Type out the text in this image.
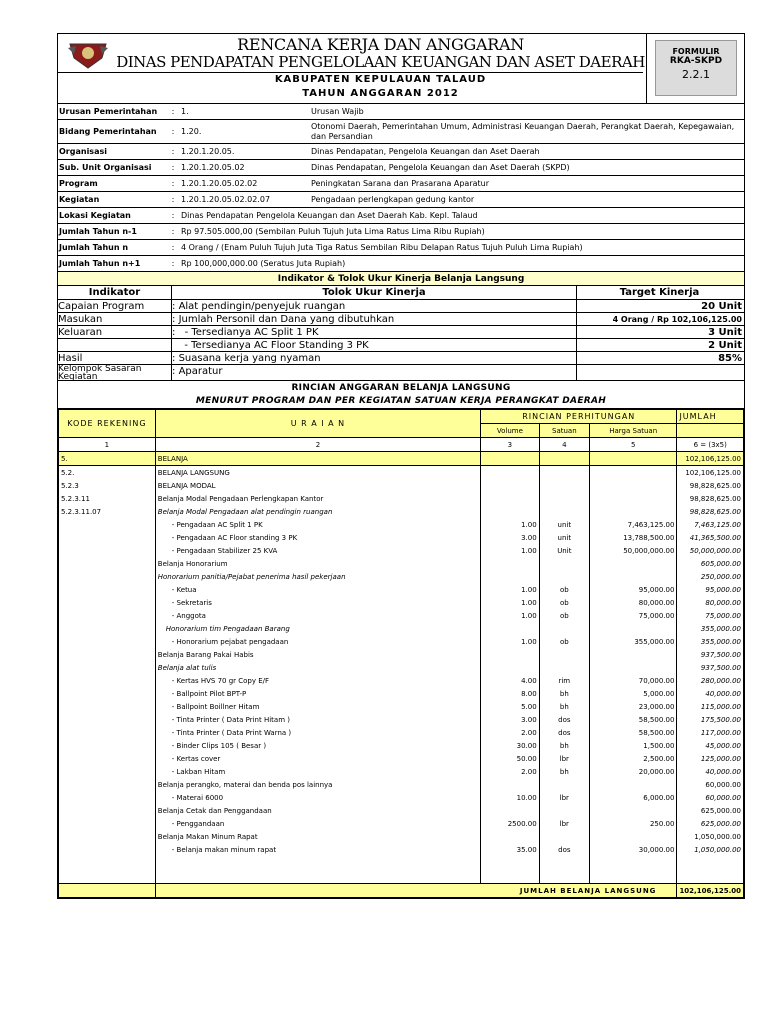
RENCANA KERJA DAN ANGGARAN
DINAS PENDAPATAN PENGELOLAAN KEUANGAN DAN ASET DAERAH
KABUPATEN KEPULAUAN TALAUD
TAHUN ANGGARAN 2012
FORMULIR
RKA-SKPD
2.2.1
Urusan Pemerintahan	: 1.	Urusan Wajib
Bidang Pemerintahan	: 1.20.
Otonomi Daerah, Pemerintahan Umum, Administrasi Keuangan Daerah, Perangkat Daerah, Kepegawaian, dan Persandian
Organisasi	: 1.20.1.20.05.	Dinas Pendapatan, Pengelola Keuangan dan Aset Daerah
Sub. Unit Organisasi	: 1.20.1.20.05.02	Dinas Pendapatan, Pengelola Keuangan dan Aset Daerah (SKPD)
Program	: 1.20.1.20.05.02.02	Peningkatan Sarana dan Prasarana Aparatur
Kegiatan	: 1.20.1.20.05.02.02.07	Pengadaan perlengkapan gedung kantor
Lokasi Kegiatan	: Dinas Pendapatan Pengelola Keuangan dan Aset Daerah Kab. Kepl. Talaud
Jumlah Tahun n-1	: Rp 97.505.000,00 (Sembilan Puluh Tujuh Juta Lima Ratus Lima Ribu Rupiah)
Jumlah Tahun n	: 4 Orang / (Enam Puluh Tujuh Juta Tiga Ratus Sembilan Ribu Delapan Ratus Tujuh Puluh Lima Rupiah)
Jumlah Tahun n+1	: Rp 100,000,000.00 (Seratus Juta Rupiah)
Indikator & Tolok Ukur Kinerja Belanja Langsung
Indikator	Tolok Ukur Kinerja	Target Kinerja
Capaian Program	: Alat pendingin/penyejuk ruangan	20 Unit
Masukan	: Jumlah Personil dan Dana yang dibutuhkan	4 Orang / Rp 102,106,125.00
Keluaran	: - Tersedianya AC Split 1 PK	3 Unit
- Tersedianya AC Floor Standing 3 PK	2 Unit
Hasil	: Suasana kerja yang nyaman	85%
Kelompok Sasaran Kegiatan	: Aparatur
RINCIAN ANGGARAN BELANJA LANGSUNG
MENURUT PROGRAM DAN PER KEGIATAN SATUAN KERJA PERANGKAT DAERAH
KODE REKENING	U R A I A N	RINCIAN PERHITUNGAN			JUMLAH
		Volume	Satuan	Harga Satuan	
1	2	3	4	5	6 = (3x5)
5.	BELANJA				102,106,125.00
5.2.	BELANJA LANGSUNG				102,106,125.00
5.2.3	BELANJA MODAL				98,828,625.00
5.2.3.11	Belanja Modal Pengadaan Perlengkapan Kantor				98,828,625.00
5.2.3.11.07	Belanja Modal Pengadaan alat pendingin ruangan				98,828,625.00
	- Pengadaan AC Split 1 PK	1.00	unit	7,463,125.00	7,463,125.00
	- Pengadaan AC Floor standing 3 PK	3.00	unit	13,788,500.00	41,365,500.00
	- Pengadaan Stabilizer 25 KVA	1.00	Unit	50,000,000.00	50,000,000.00
	Belanja Honorarium				605,000.00
	Honorarium panitia/Pejabat penerima hasil pekerjaan				250,000.00
	- Ketua	1.00	ob	95,000.00	95,000.00
	- Sekretaris	1.00	ob	80,000.00	80,000.00
	- Anggota	1.00	ob	75,000.00	75,000.00
	Honorarium tim Pengadaan Barang				355,000.00
	- Honorarium pejabat pengadaan	1.00	ob	355,000.00	355,000.00
	Belanja Barang Pakai Habis				937,500.00
	Belanja alat tulis				937,500.00
	- Kertas HVS 70 gr Copy E/F	4.00	rim	70,000.00	280,000.00
	- Ballpoint Pilot BPT-P	8.00	bh	5,000.00	40,000.00
	- Ballpoint Boillner Hitam	5.00	bh	23,000.00	115,000.00
	- Tinta Printer ( Data Print Hitam )	3.00	dos	58,500.00	175,500.00
	- Tinta Printer ( Data Print Warna )	2.00	dos	58,500.00	117,000.00
	- Binder Clips 105 ( Besar )	30.00	bh	1,500.00	45,000.00
	- Kertas cover	50.00	lbr	2,500.00	125,000.00
	- Lakban Hitam	2.00	bh	20,000.00	40,000.00
	Belanja perangko, materai dan benda pos lainnya				60,000.00
	- Materai 6000	10.00	lbr	6,000.00	60,000.00
	Belanja Cetak dan Penggandaan				625,000.00
	- Penggandaan	2500.00	lbr	250.00	625,000.00
	Belanja Makan Minum Rapat				1,050,000.00
	- Belanja makan minum rapat	35.00	dos	30,000.00	1,050,000.00

	JUMLAH BELANJA LANGSUNG				102,106,125.00
